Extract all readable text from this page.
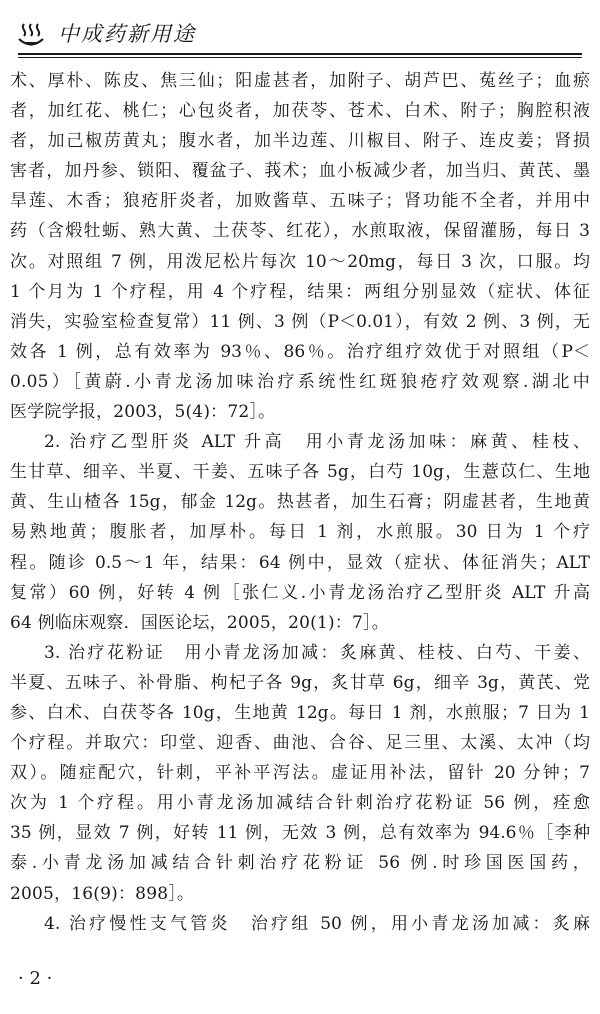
中成药新用途
术、厚朴、陈皮、焦三仙；阳虚甚者，加附子、胡芦巴、菟丝子；血瘀
者，加红花、桃仁；心包炎者，加茯苓、苍术、白术、附子；胸腔积液
者，加己椒苈黄丸；腹水者，加半边莲、川椒目、附子、连皮姜；肾损
害者，加丹参、锁阳、覆盆子、莪术；血小板减少者，加当归、黄芪、墨
旱莲、木香；狼疮肝炎者，加败酱草、五味子；肾功能不全者，并用中
药（含煅牡蛎、熟大黄、土茯苓、红花），水煎取液，保留灌肠，每日 3
次。对照组 7 例，用泼尼松片每次 10～20mg，每日 3 次，口服。均
1 个月为 1 个疗程，用 4 个疗程，结果：两组分别显效（症状、体征
消失，实验室检查复常）11 例、3 例（P＜0.01），有效 2 例、3 例，无
效各 1 例，总有效率为 93％、86％。治疗组疗效优于对照组（P＜
0.05）［黄蔚.小青龙汤加味治疗系统性红斑狼疮疗效观察.湖北中
医学院学报，2003，5(4)：72］。
2. 治疗乙型肝炎 ALT 升高　用小青龙汤加味：麻黄、桂枝、
生甘草、细辛、半夏、干姜、五味子各 5g，白芍 10g，生薏苡仁、生地
黄、生山楂各 15g，郁金 12g。热甚者，加生石膏；阴虚甚者，生地黄
易熟地黄；腹胀者，加厚朴。每日 1 剂，水煎服。30 日为 1 个疗
程。随诊 0.5～1 年，结果：64 例中，显效（症状、体征消失；ALT
复常）60 例，好转 4 例［张仁义.小青龙汤治疗乙型肝炎 ALT 升高
64 例临床观察．国医论坛，2005，20(1)：7］。
3. 治疗花粉证　用小青龙汤加减：炙麻黄、桂枝、白芍、干姜、
半夏、五味子、补骨脂、枸杞子各 9g，炙甘草 6g，细辛 3g，黄芪、党
参、白术、白茯苓各 10g，生地黄 12g。每日 1 剂，水煎服；7 日为 1
个疗程。并取穴：印堂、迎香、曲池、合谷、足三里、太溪、太冲（均
双）。随症配穴，针刺，平补平泻法。虚证用补法，留针 20 分钟；7
次为 1 个疗程。用小青龙汤加减结合针刺治疗花粉证 56 例，痊愈
35 例，显效 7 例，好转 11 例，无效 3 例，总有效率为 94.6％［李种
泰.小青龙汤加减结合针刺治疗花粉证 56 例.时珍国医国药，
2005，16(9)：898］。
4. 治疗慢性支气管炎　治疗组 50 例，用小青龙汤加减：炙麻
· 2 ·
